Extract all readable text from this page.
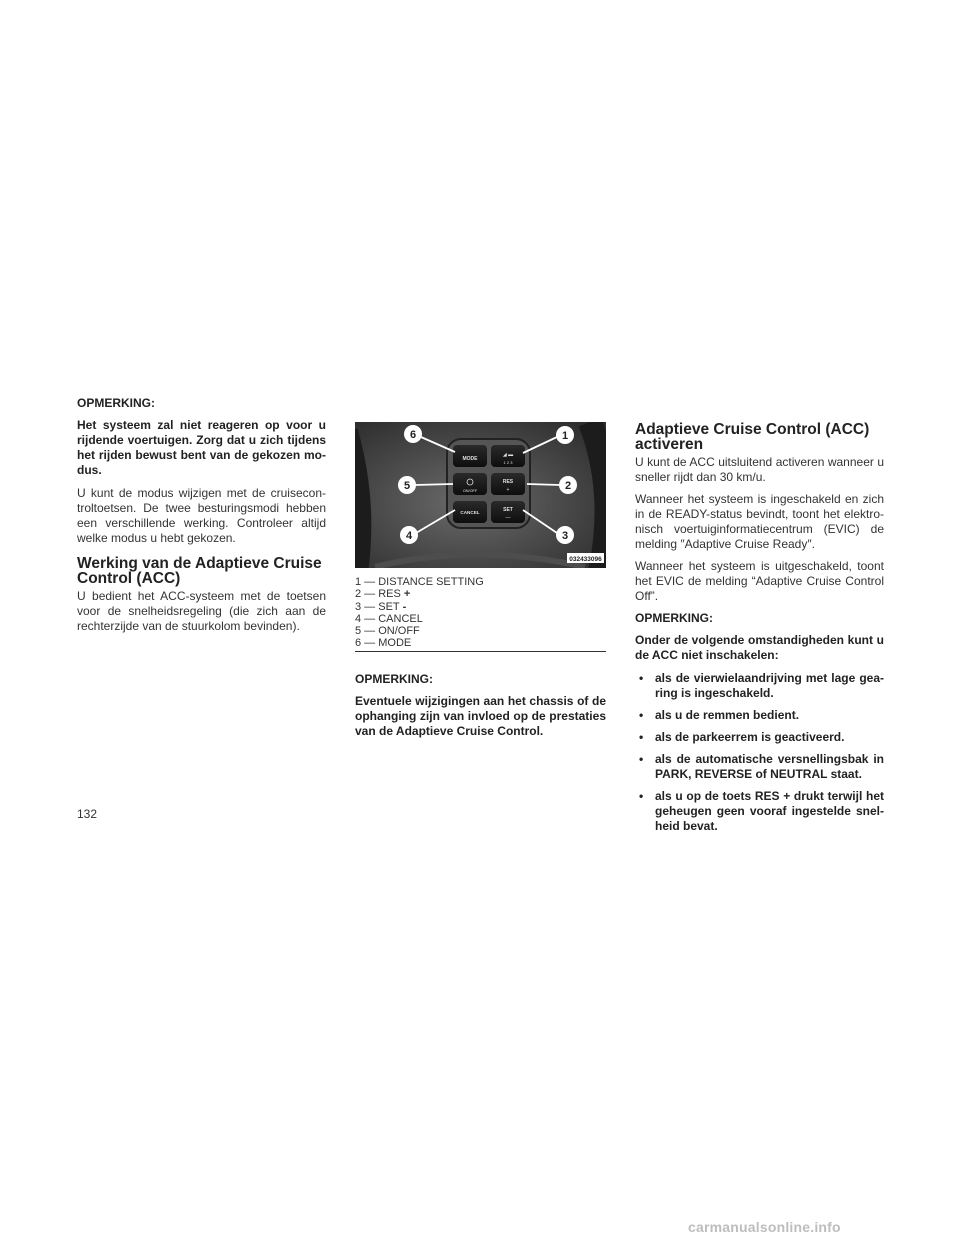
OPMERKING:

Het systeem zal niet reageren op voor u rijdende voertuigen. Zorg dat u zich tijdens het rijden bewust bent van de gekozen mo-dus.

U kunt de modus wijzigen met de cruisecon-troltoetsen. De twee besturingsmodi hebben een verschillende werking. Controleer altijd welke modus u hebt gekozen.

Werking van de Adaptieve Cruise
Control (ACC)

U bedient het ACC-systeem met de toetsen voor de snelheidsregeling (die zich aan de rechterzijde van de stuurkolom bevinden).

MODE
◢ ▬
1 2 3
ON/OFF
RES
+
CANCEL	SET
—
6
5
4
1
2
3
032433096
1 — DISTANCE SETTING
2 — RES +
3 — SET -
4 — CANCEL
5 — ON/OFF
6 — MODE
OPMERKING:

Eventuele wijzigingen aan het chassis of de ophanging zijn van invloed op de prestaties van de Adaptieve Cruise Control.

Adaptieve Cruise Control (ACC)
activeren

U kunt de ACC uitsluitend activeren wanneer u sneller rijdt dan 30 km/u.

Wanneer het systeem is ingeschakeld en zich in de READY-status bevindt, toont het elektro-nisch voertuiginformatiecentrum (EVIC) de melding ″Adaptive Cruise Ready″.

Wanneer het systeem is uitgeschakeld, toont het EVIC de melding “Adaptive Cruise Control Off”.

OPMERKING:

Onder de volgende omstandigheden kunt u de ACC niet inschakelen:

• als de vierwielaandrijving met lage gea-ring is ingeschakeld.
• als u de remmen bedient.
• als de parkeerrem is geactiveerd.
• als de automatische versnellingsbak in PARK, REVERSE of NEUTRAL staat.
• als u op de toets RES + drukt terwijl het geheugen geen vooraf ingestelde snel-heid bevat.
132
carmanualsonline.info
